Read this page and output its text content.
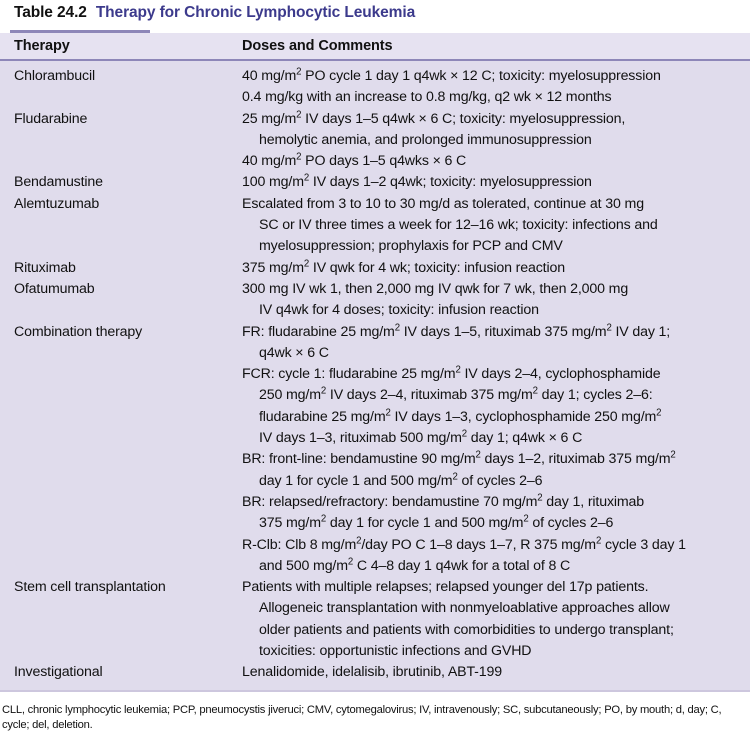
Table 24.2 Therapy for Chronic Lymphocytic Leukemia
Therapy	Doses and Comments
Chlorambucil	40 $mg/m^2$ PO cycle 1 day 1 q4wk × 12 C; toxicity: myelosuppression
0.4 mg/kg with an increase to 0.8 mg/kg, q2 wk × 12 months
Fludarabine	25 $mg/m^2$ IV days 1–5 q4wk × 6 C; toxicity: myelosuppression,
hemolytic anemia, and prolonged immunosuppression
40 $mg/m^2$ PO days 1–5 q4wks × 6 C
Bendamustine	100 $mg/m^2$ IV days 1–2 q4wk; toxicity: myelosuppression
Alemtuzumab	Escalated from 3 to 10 to 30 mg/d as tolerated, continue at 30 mg
SC or IV three times a week for 12–16 wk; toxicity: infections and
myelosuppression; prophylaxis for PCP and CMV
Rituximab	375 $mg/m^2$ IV qwk for 4 wk; toxicity: infusion reaction
Ofatumumab	300 mg IV wk 1, then 2,000 mg IV qwk for 7 wk, then 2,000 mg
IV q4wk for 4 doses; toxicity: infusion reaction
Combination therapy	FR: fludarabine 25 $mg/m^2$ IV days 1–5, rituximab 375 $mg/m^2$ IV day 1;
q4wk × 6 C
FCR: cycle 1: fludarabine 25 $mg/m^2$ IV days 2–4, cyclophosphamide
250 $mg/m^2$ IV days 2–4, rituximab 375 $mg/m^2$ day 1; cycles 2–6:
fludarabine 25 $mg/m^2$ IV days 1–3, cyclophosphamide 250 $mg/m^2$
IV days 1–3, rituximab 500 $mg/m^2$ day 1; q4wk × 6 C
BR: front-line: bendamustine 90 $mg/m^2$ days 1–2, rituximab 375 $mg/m^2$
day 1 for cycle 1 and 500 $mg/m^2$ of cycles 2–6
BR: relapsed/refractory: bendamustine 70 $mg/m^2$ day 1, rituximab
375 $mg/m^2$ day 1 for cycle 1 and 500 $mg/m^2$ of cycles 2–6
R-Clb: Clb 8 $mg/m^2$/day PO C 1–8 days 1–7, R 375 $mg/m^2$ cycle 3 day 1
and 500 $mg/m^2$ C 4–8 day 1 q4wk for a total of 8 C
Stem cell transplantation	Patients with multiple relapses; relapsed younger del 17p patients.
Allogeneic transplantation with nonmyeloablative approaches allow
older patients and patients with comorbidities to undergo transplant;
toxicities: opportunistic infections and GVHD
Investigational	Lenalidomide, idelalisib, ibrutinib, ABT-199
CLL, chronic lymphocytic leukemia; PCP, pneumocystis jiveruci; CMV, cytomegalovirus; IV, intravenously; SC, subcutaneously; PO, by mouth; d, day; C, cycle; del, deletion.
